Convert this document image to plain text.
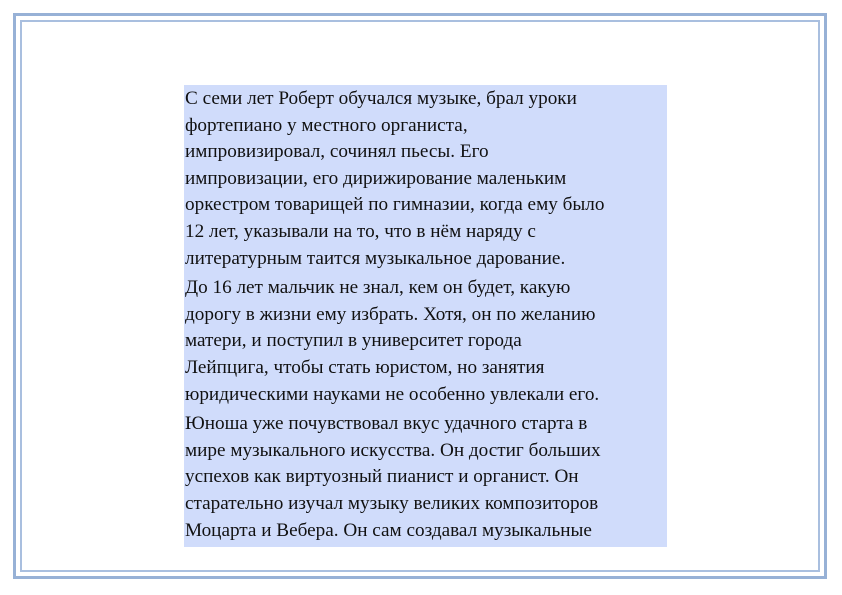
С семи лет Роберт обучался музыке, брал уроки
фортепиано у местного органиста,
импровизировал, сочинял пьесы. Его
импровизации, его дирижирование маленьким
оркестром товарищей по гимназии, когда ему было
12 лет, указывали на то, что в нём наряду с
литературным таится музыкальное дарование.

До 16 лет мальчик не знал, кем он будет, какую
дорогу в жизни ему избрать. Хотя, он по желанию
матери, и поступил в университет города
Лейпцига, чтобы стать юристом, но занятия
юридическими науками не особенно увлекали его.

Юноша уже почувствовал вкус удачного старта в
мире музыкального искусства. Он достиг больших
успехов как виртуозный пианист и органист. Он
старательно изучал музыку великих композиторов
Моцарта и Вебера. Он сам создавал музыкальные
